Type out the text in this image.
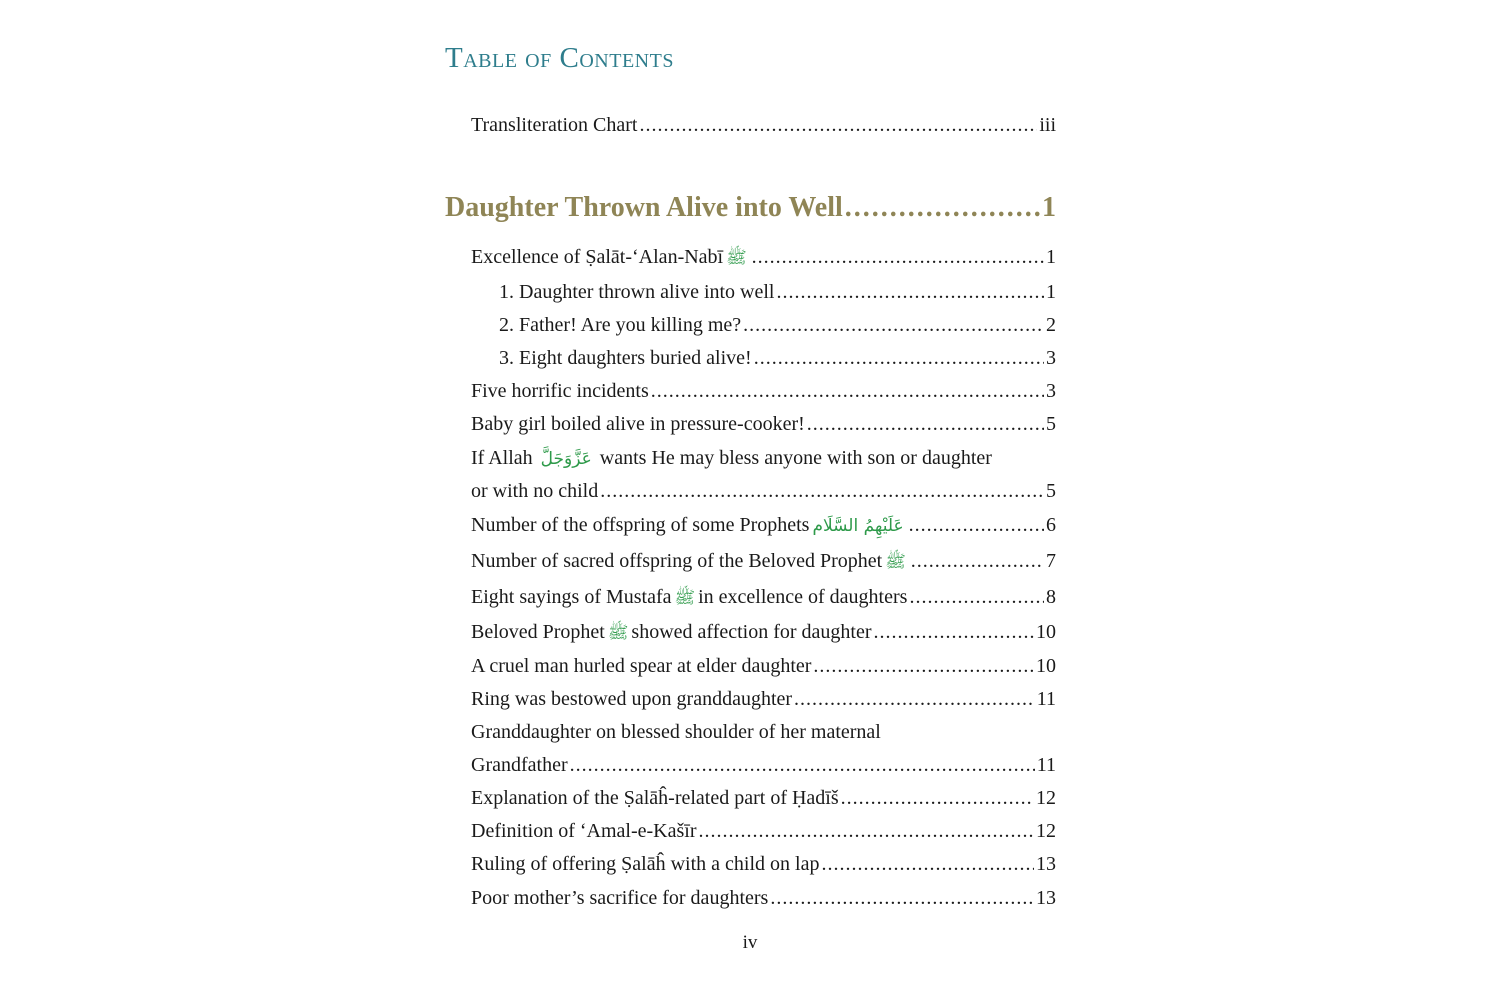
Table of Contents
Transliteration Chart .....	iii
Daughter Thrown Alive into Well .....	1
Excellence of Ṣalāt-‘Alan-Nabī ﷺ .....	1
1. Daughter thrown alive into well .....	1
2. Father! Are you killing me? .....	2
3. Eight daughters buried alive! .....	3
Five horrific incidents .....	3
Baby girl boiled alive in pressure-cooker! .....	5
If Allah عَزَّوَجَلَّ wants He may bless anyone with son or daughter
or with no child .....	5
Number of the offspring of some Prophets عَلَيْهِمُ السَّلَام .....	6
Number of sacred offspring of the Beloved Prophet ﷺ .....	7
Eight sayings of Mustafa ﷺ in excellence of daughters .....	8
Beloved Prophet ﷺ showed affection for daughter .....	10
A cruel man hurled spear at elder daughter .....	10
Ring was bestowed upon granddaughter .....	11
Granddaughter on blessed shoulder of her maternal
Grandfather .....	11
Explanation of the Ṣalāĥ-related part of Ḥadīš .....	12
Definition of ‘Amal-e-Kašīr .....	12
Ruling of offering Ṣalāĥ with a child on lap .....	13
Poor mother’s sacrifice for daughters .....	13
iv
